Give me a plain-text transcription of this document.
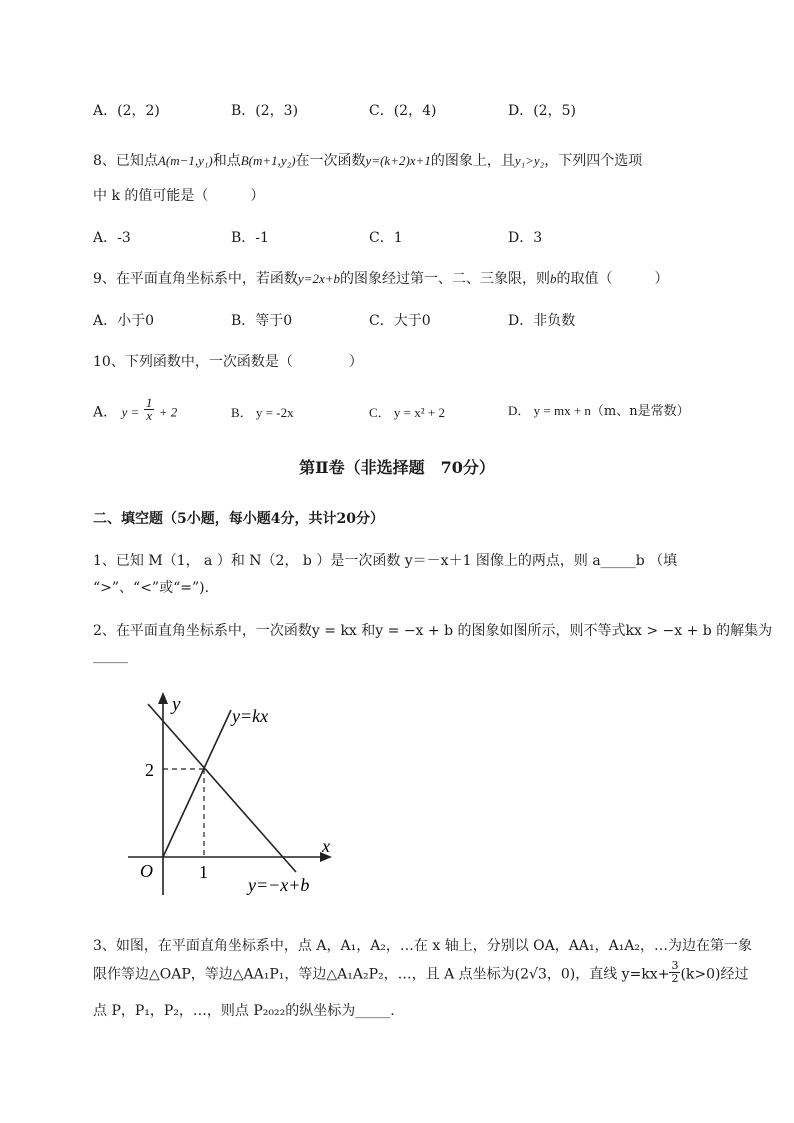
A．(2，2)	B．(2，3)	C．(2，4)	D．(2，5)
8、已知点A(m−1,y₁)和点B(m+1,y₂)在一次函数y=(k+2)x+1的图象上，且y₁>y₂，下列四个选项
中 k 的值可能是（　　　）
A．-3	B．-1	C．1	D．3
9、在平面直角坐标系中，若函数y=2x+b的图象经过第一、二、三象限，则b的取值（　　　）
A．小于0	B．等于0	C．大于0	D．非负数
10、下列函数中，一次函数是（　　　　）
A． $y = \frac{1}{x} + 2$	B． y = -2x	C． y = x² + 2	D． y = mx + n（m、n是常数）
第Ⅱ卷（非选择题　70分）
二、填空题（5小题，每小题4分，共计20分）
1、已知 M（1， a ）和 N（2， b ）是一次函数 y＝－x＋1 图像上的两点，则 a_____b （填
“>”、“<”或“=”).
2、在平面直角坐标系中，一次函数y = kx 和y = −x + b 的图象如图所示，则不等式kx > −x + b 的解集为
_____
y
x
O
2
1
y=kx
y=−x+b
3、如图，在平面直角坐标系中，点 A，A₁，A₂，…在 x 轴上，分别以 OA，AA₁，A₁A₂，…为边在第一象
限作等边△OAP，等边△AA₁P₁，等边△A₁A₂P₂，…，且 A 点坐标为(2√3，0)，直线 $y=kx+ \frac{3}{2} (k>0)$经过
点 P，P₁，P₂，…，则点 P₂₀₂₂的纵坐标为_____.
